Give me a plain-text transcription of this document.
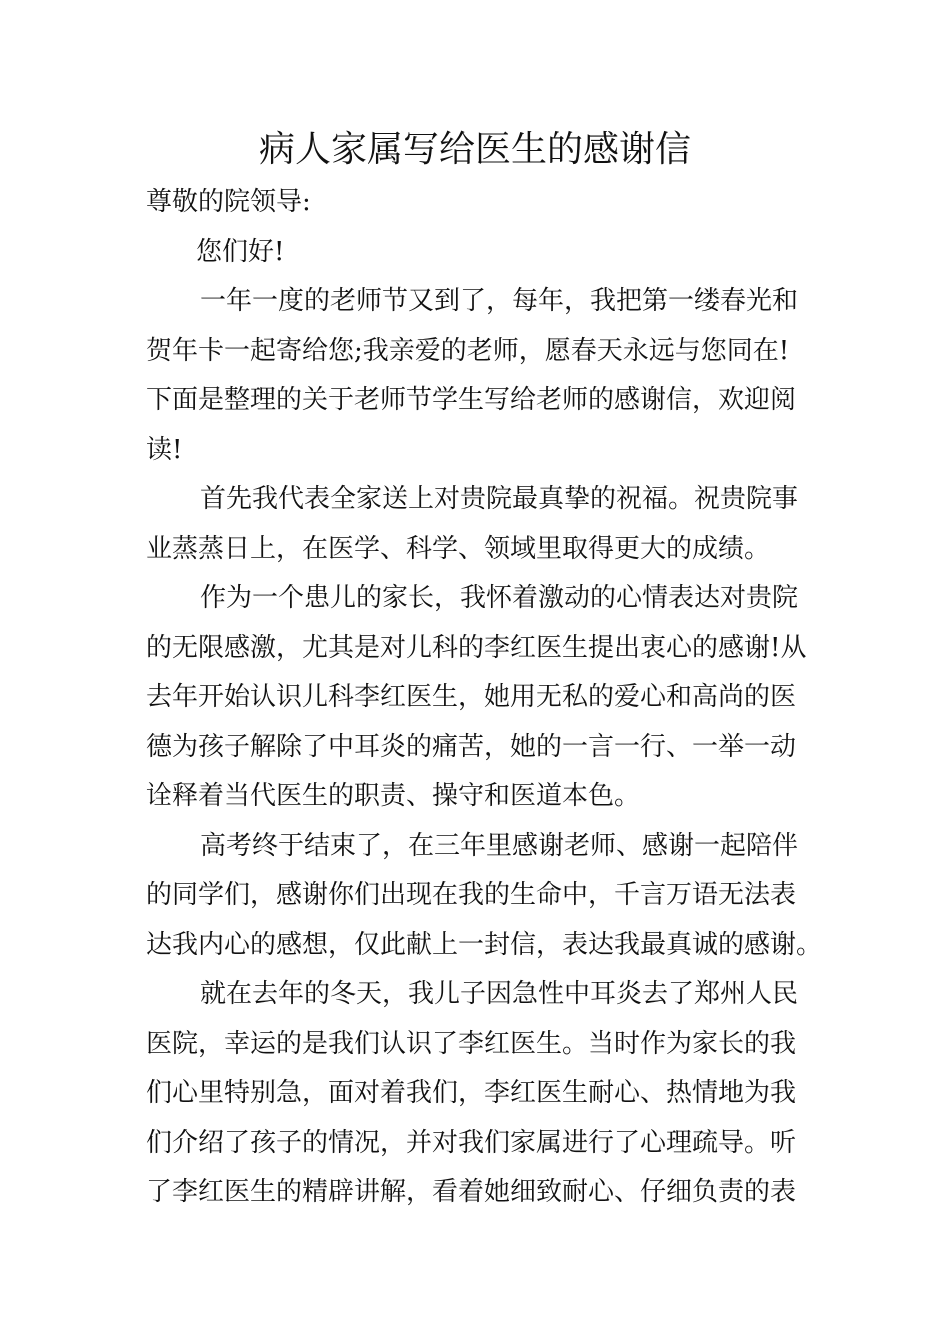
病人家属写给医生的感谢信
尊敬的院领导:
您们好!
一年一度的老师节又到了，每年，我把第一缕春光和
贺年卡一起寄给您;我亲爱的老师，愿春天永远与您同在!
下面是整理的关于老师节学生写给老师的感谢信，欢迎阅
读!
首先我代表全家送上对贵院最真挚的祝福。祝贵院事
业蒸蒸日上，在医学、科学、领域里取得更大的成绩。
作为一个患儿的家长，我怀着激动的心情表达对贵院
的无限感激，尤其是对儿科的李红医生提出衷心的感谢!从
去年开始认识儿科李红医生，她用无私的爱心和高尚的医
德为孩子解除了中耳炎的痛苦，她的一言一行、一举一动
诠释着当代医生的职责、操守和医道本色。
高考终于结束了，在三年里感谢老师、感谢一起陪伴
的同学们，感谢你们出现在我的生命中，千言万语无法表
达我内心的感想，仅此献上一封信，表达我最真诚的感谢。
就在去年的冬天，我儿子因急性中耳炎去了郑州人民
医院，幸运的是我们认识了李红医生。当时作为家长的我
们心里特别急，面对着我们，李红医生耐心、热情地为我
们介绍了孩子的情况，并对我们家属进行了心理疏导。听
了李红医生的精辟讲解，看着她细致耐心、仔细负责的表
